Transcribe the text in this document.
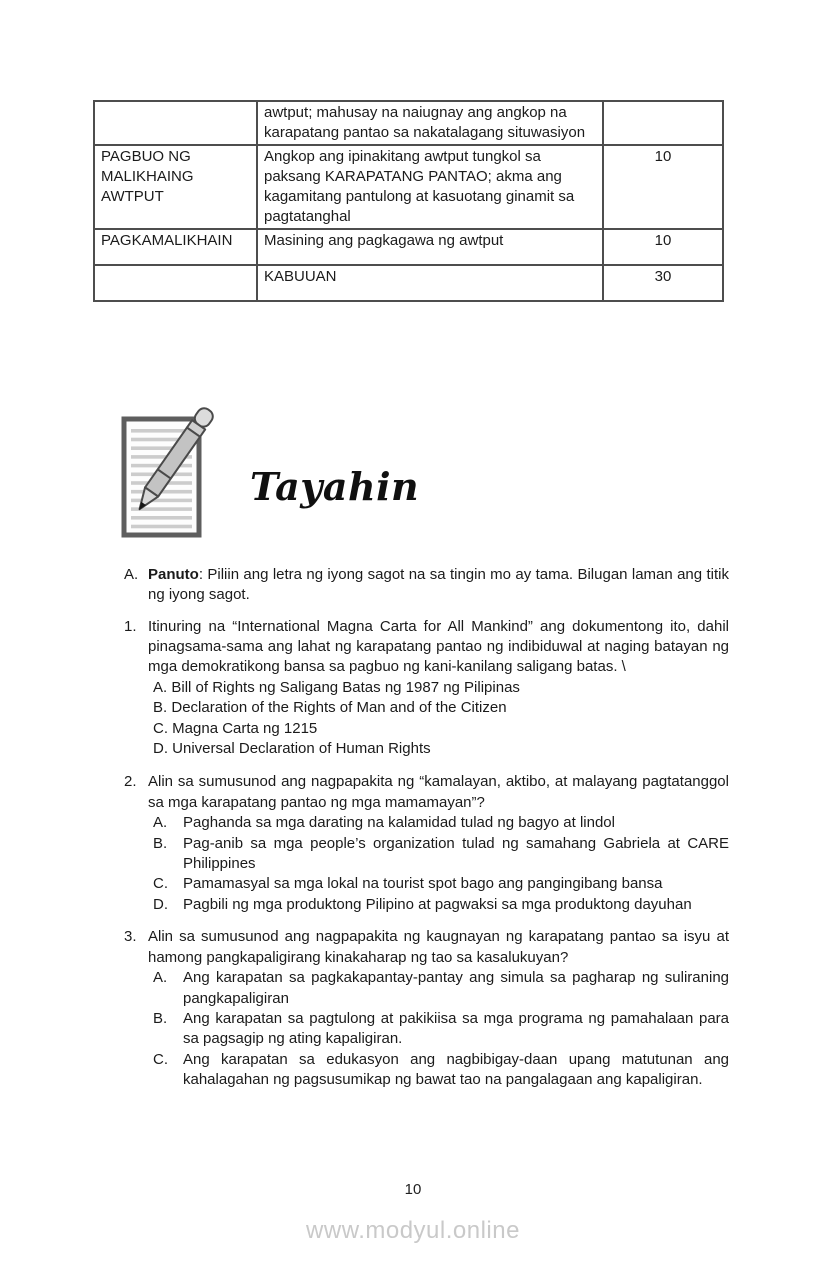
	awtput; mahusay na naiugnay ang angkop na karapatang pantao sa nakatalagang situwasiyon	
PAGBUO NG MALIKHAING AWTPUT	Angkop ang ipinakitang awtput tungkol sa paksang KARAPATANG PANTAO; akma ang kagamitang pantulong at kasuotang ginamit sa pagtatanghal	10
PAGKAMALIKHAIN	Masining ang pagkagawa ng awtput	10
	KABUUAN	30
Tayahin
A. Panuto: Piliin ang letra ng iyong sagot na sa tingin mo ay tama. Bilugan laman ang titik ng iyong sagot.
1. Itinuring na “International Magna Carta for All Mankind” ang dokumentong ito, dahil pinagsama-sama ang lahat ng karapatang pantao ng indibiduwal at naging batayan ng mga demokratikong bansa sa pagbuo ng kani-kanilang saligang batas. \
A. Bill of Rights ng Saligang Batas ng 1987 ng Pilipinas
B. Declaration of the Rights of Man and of the Citizen
C. Magna Carta ng 1215
D. Universal Declaration of Human Rights
2. Alin sa sumusunod ang nagpapakita ng “kamalayan, aktibo, at malayang pagtatanggol sa mga karapatang pantao ng mga mamamayan”?
A. Paghanda sa mga darating na kalamidad tulad ng bagyo at lindol
B. Pag-anib sa mga people’s organization tulad ng samahang Gabriela at CARE Philippines
C. Pamamasyal sa mga lokal na tourist spot bago ang pangingibang bansa
D. Pagbili ng mga produktong Pilipino at pagwaksi sa mga produktong dayuhan
3. Alin sa sumusunod ang nagpapakita ng kaugnayan ng karapatang pantao sa isyu at hamong pangkapaligirang kinakaharap ng tao sa kasalukuyan?
A. Ang karapatan sa pagkakapantay-pantay ang simula sa pagharap ng suliraning pangkapaligiran
B. Ang karapatan sa pagtulong at pakikiisa sa mga programa ng pamahalaan para sa pagsagip ng ating kapaligiran.
C. Ang karapatan sa edukasyon ang nagbibigay-daan upang matutunan ang kahalagahan ng pagsusumikap ng bawat tao na pangalagaan ang kapaligiran.
10
www.modyul.online
